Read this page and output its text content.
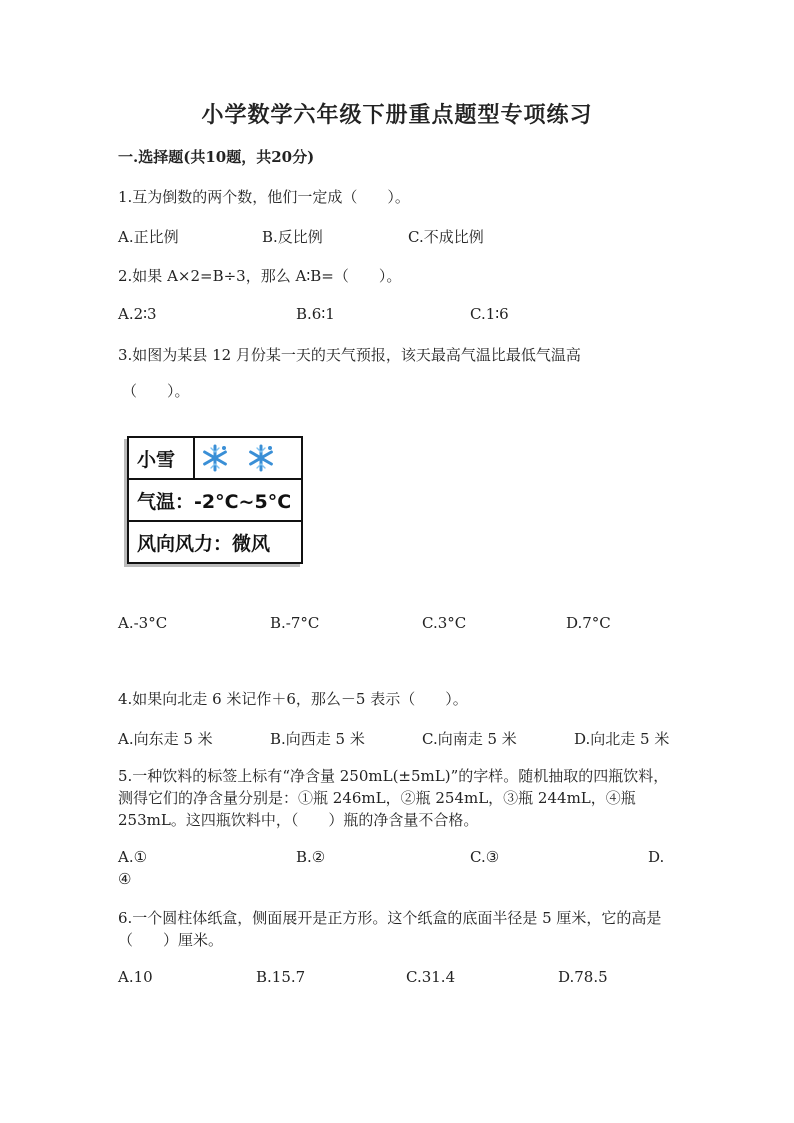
小学数学六年级下册重点题型专项练习
一.选择题(共10题，共20分)
1.互为倒数的两个数，他们一定成（　　）。
A.正比例	B.反比例	C.不成比例
2.如果 A×2=B÷3，那么 A∶B=（　　）。
A.2∶3	B.6∶1	C.1∶6
3.如图为某县 12 月份某一天的天气预报，该天最高气温比最低气温高
（　　）。
小雪
气温：-2°C~5°C
风向风力：微风
A.-3°C	B.-7°C	C.3°C	D.7°C
4.如果向北走 6 米记作＋6，那么－5 表示（　　）。
A.向东走 5 米	B.向西走 5 米	C.向南走 5 米	D.向北走 5 米
5.一种饮料的标签上标有“净含量 250mL(±5mL)”的字样。随机抽取的四瓶饮料，测得它们的净含量分别是：①瓶 246mL，②瓶 254mL，③瓶 244mL，④瓶 253mL。这四瓶饮料中，（　　）瓶的净含量不合格。
A.①	B.②	C.③	D.
④
6.一个圆柱体纸盒，侧面展开是正方形。这个纸盒的底面半径是 5 厘米，它的高是（　　）厘米。
A.10	B.15.7	C.31.4	D.78.5
